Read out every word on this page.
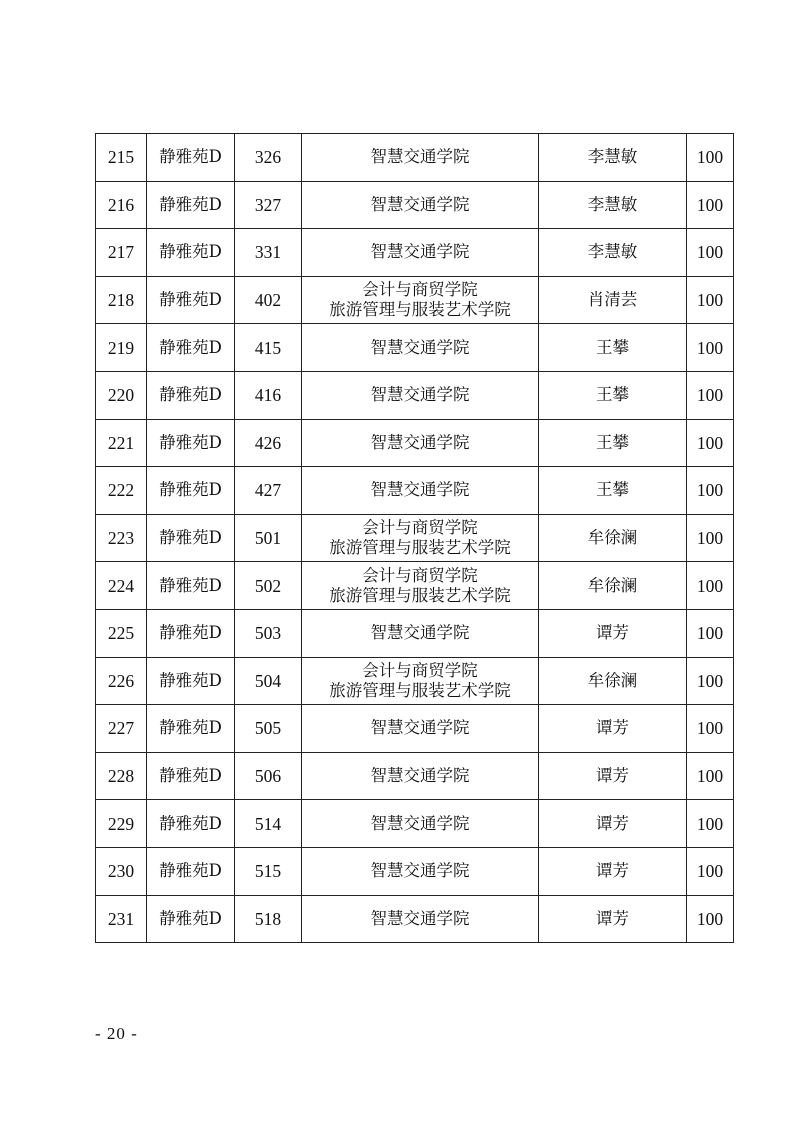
215	静雅苑D	326	智慧交通学院	李慧敏	100
216	静雅苑D	327	智慧交通学院	李慧敏	100
217	静雅苑D	331	智慧交通学院	李慧敏	100
218	静雅苑D	402	会计与商贸学院
旅游管理与服装艺术学院	肖清芸	100
219	静雅苑D	415	智慧交通学院	王攀	100
220	静雅苑D	416	智慧交通学院	王攀	100
221	静雅苑D	426	智慧交通学院	王攀	100
222	静雅苑D	427	智慧交通学院	王攀	100
223	静雅苑D	501	会计与商贸学院
旅游管理与服装艺术学院	牟徐澜	100
224	静雅苑D	502	会计与商贸学院
旅游管理与服装艺术学院	牟徐澜	100
225	静雅苑D	503	智慧交通学院	谭芳	100
226	静雅苑D	504	会计与商贸学院
旅游管理与服装艺术学院	牟徐澜	100
227	静雅苑D	505	智慧交通学院	谭芳	100
228	静雅苑D	506	智慧交通学院	谭芳	100
229	静雅苑D	514	智慧交通学院	谭芳	100
230	静雅苑D	515	智慧交通学院	谭芳	100
231	静雅苑D	518	智慧交通学院	谭芳	100
- 20 -
